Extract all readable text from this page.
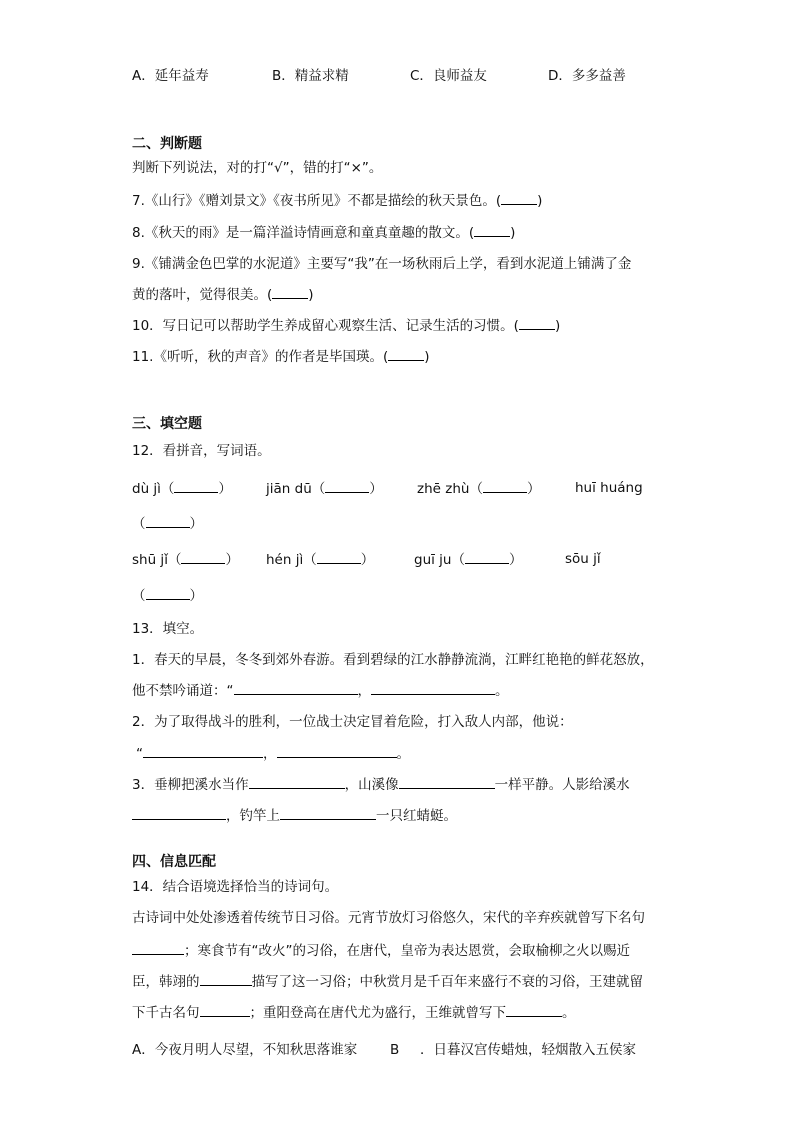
A．延年益寿	B．精益求精	C．良师益友	D．多多益善
二、判断题
判断下列说法，对的打“√”，错的打“×”。
7.《山行》《赠刘景文》《夜书所见》不都是描绘的秋天景色。(	)
8.《秋天的雨》是一篇洋溢诗情画意和童真童趣的散文。(	)
9.《铺满金色巴掌的水泥道》主要写“我”在一场秋雨后上学，看到水泥道上铺满了金
黄的落叶，觉得很美。(	)
10．写日记可以帮助学生养成留心观察生活、记录生活的习惯。(	)
11.《听听，秋的声音》的作者是毕国瑛。(	)
三、填空题
12．看拼音，写词语。
dù jì（	）	jiān dū（	）	zhē zhù（	）	huī huáng
（	）
shū jǐ（	） hén jì（	）	guī ju（	）	sōu jǐ
（	）
13．填空。
1．春天的早晨，冬冬到郊外春游。看到碧绿的江水静静流淌，江畔红艳艳的鲜花怒放，
他不禁吟诵道：“	，	。
2．为了取得战斗的胜利，一位战士决定冒着危险，打入敌人内部，他说：
“	，	。
3．垂柳把溪水当作	，山溪像	一样平静。人影给溪水
，钓竿上	一只红蜻蜓。
四、信息匹配
14．结合语境选择恰当的诗词句。
古诗词中处处渗透着传统节日习俗。元宵节放灯习俗悠久，宋代的辛弃疾就曾写下名句
；寒食节有“改火”的习俗，在唐代，皇帝为表达恩赏，会取榆柳之火以赐近
臣，韩翊的	描写了这一习俗；中秋赏月是千百年来盛行不衰的习俗，王建就留
下千古名句	；重阳登高在唐代尤为盛行，王维就曾写下	。
A．今夜月明人尽望，不知秋思落谁家 B ．日暮汉宫传蜡烛，轻烟散入五侯家
